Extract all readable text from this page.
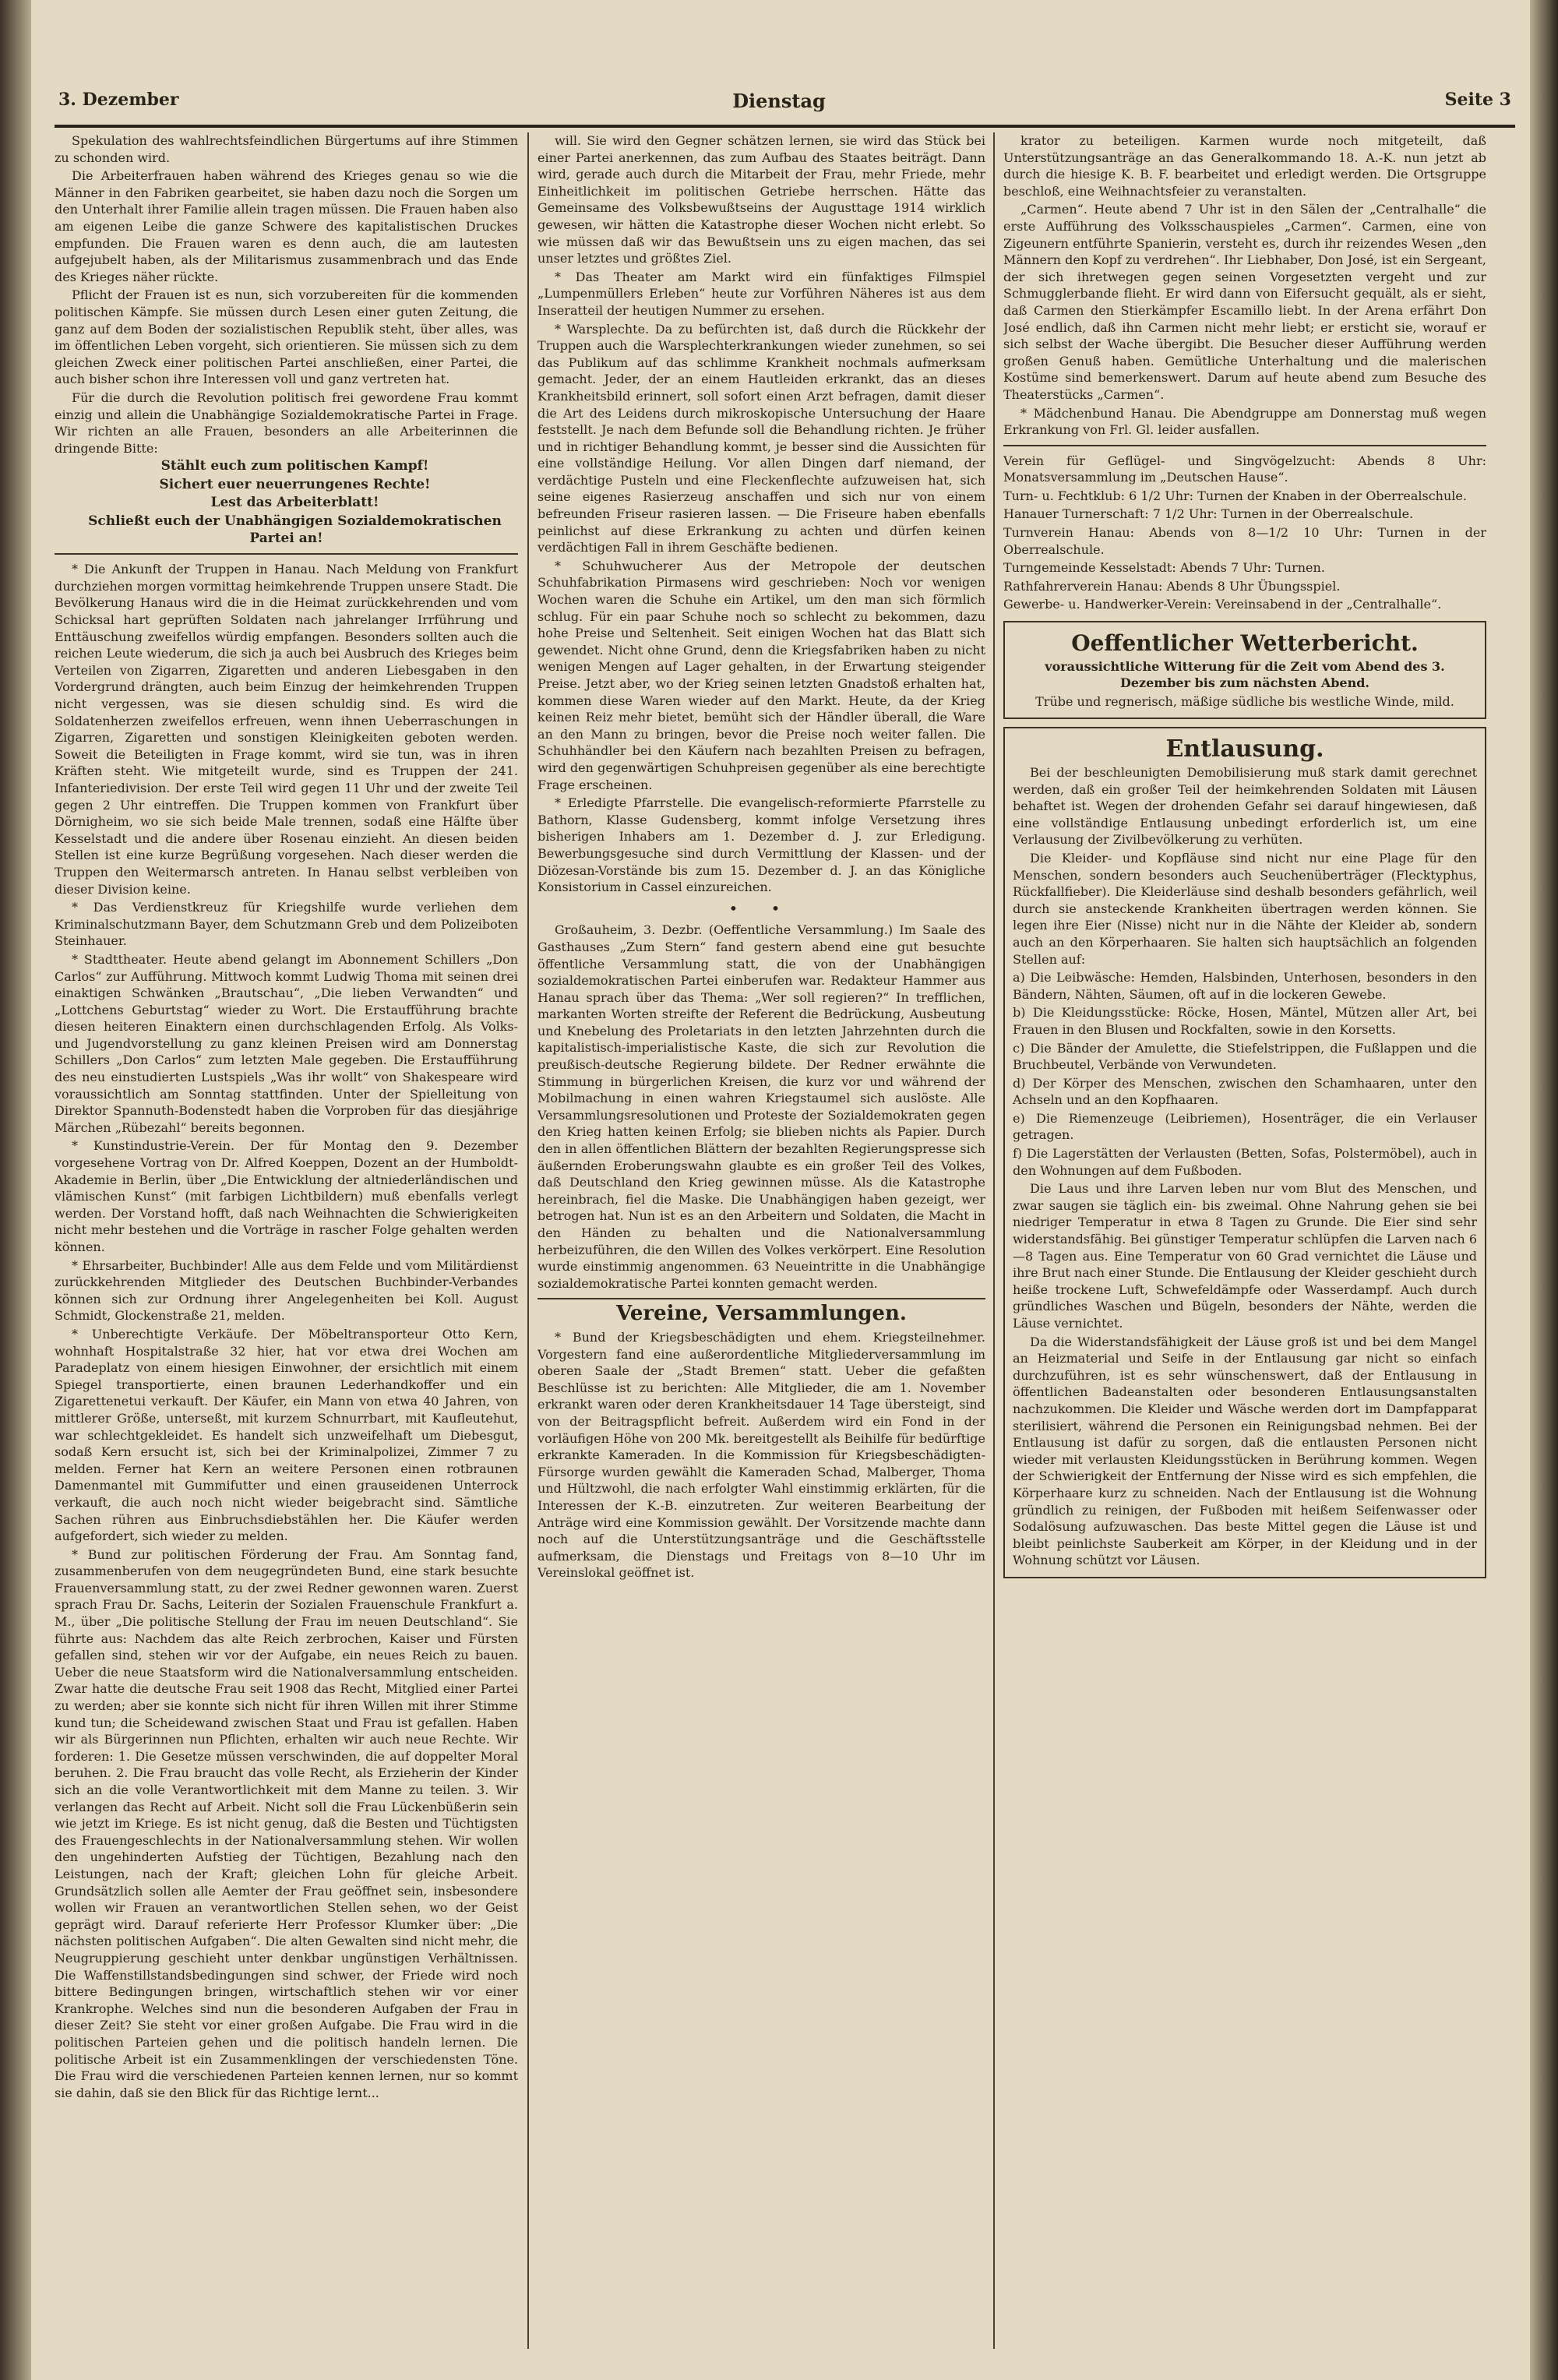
3. Dezember	Dienstag	Seite 3

Spekulation des wahlrechtsfeindlichen Bürgertums auf ihre Stimmen zu schonden wird.

Die Arbeiterfrauen haben während des Krieges genau so wie die Männer in den Fabriken gearbeitet, sie haben dazu noch die Sorgen um den Unterhalt ihrer Familie allein tragen müssen. Die Frauen haben also am eigenen Leibe die ganze Schwere des kapitalistischen Druckes empfunden. Die Frauen waren es denn auch, die am lautesten aufgejubelt haben, als der Militarismus zusammenbrach und das Ende des Krieges näher rückte.

Pflicht der Frauen ist es nun, sich vorzubereiten für die kommenden politischen Kämpfe. Sie müssen durch Lesen einer guten Zeitung, die ganz auf dem Boden der sozialistischen Republik steht, über alles, was im öffentlichen Leben vorgeht, sich orientieren. Sie müssen sich zu dem gleichen Zweck einer politischen Partei anschließen, einer Partei, die auch bisher schon ihre Interessen voll und ganz vertreten hat.

Für die durch die Revolution politisch frei gewordene Frau kommt einzig und allein die Unabhängige Sozialdemokratische Partei in Frage. Wir richten an alle Frauen, besonders an alle Arbeiterinnen die dringende Bitte:

Stählt euch zum politischen Kampf!

Sichert euer neuerrungenes Rechte!

Lest das Arbeiterblatt!

Schließt euch der Unabhängigen Sozialdemokratischen Partei an!

* Die Ankunft der Truppen in Hanau. Nach Meldung von Frankfurt durchziehen morgen vormittag heimkehrende Truppen unsere Stadt. Die Bevölkerung Hanaus wird die in die Heimat zurückkehrenden und vom Schicksal hart geprüften Soldaten nach jahrelanger Irrführung und Enttäuschung zweifellos würdig empfangen. Besonders sollten auch die reichen Leute wiederum, die sich ja auch bei Ausbruch des Krieges beim Verteilen von Zigarren, Zigaretten und anderen Liebesgaben in den Vordergrund drängten, auch beim Einzug der heimkehrenden Truppen nicht vergessen, was sie diesen schuldig sind. Es wird die Soldatenherzen zweifellos erfreuen, wenn ihnen Ueberraschungen in Zigarren, Zigaretten und sonstigen Kleinigkeiten geboten werden. Soweit die Beteiligten in Frage kommt, wird sie tun, was in ihren Kräften steht. Wie mitgeteilt wurde, sind es Truppen der 241. Infanteriedivision. Der erste Teil wird gegen 11 Uhr und der zweite Teil gegen 2 Uhr eintreffen. Die Truppen kommen von Frankfurt über Dörnigheim, wo sie sich beide Male trennen, sodaß eine Hälfte über Kesselstadt und die andere über Rosenau einzieht. An diesen beiden Stellen ist eine kurze Begrüßung vorgesehen. Nach dieser werden die Truppen den Weitermarsch antreten. In Hanau selbst verbleiben von dieser Division keine.

* Das Verdienstkreuz für Kriegshilfe wurde verliehen dem Kriminalschutzmann Bayer, dem Schutzmann Greb und dem Polizeiboten Steinhauer.

* Stadttheater. Heute abend gelangt im Abonnement Schillers „Don Carlos“ zur Aufführung. Mittwoch kommt Ludwig Thoma mit seinen drei einaktigen Schwänken „Brautschau“, „Die lieben Verwandten“ und „Lottchens Geburtstag“ wieder zu Wort. Die Erstaufführung brachte diesen heiteren Einaktern einen durchschlagenden Erfolg. Als Volks- und Jugendvorstellung zu ganz kleinen Preisen wird am Donnerstag Schillers „Don Carlos“ zum letzten Male gegeben. Die Erstaufführung des neu einstudierten Lustspiels „Was ihr wollt“ von Shakespeare wird voraussichtlich am Sonntag stattfinden. Unter der Spielleitung von Direktor Spannuth-Bodenstedt haben die Vorproben für das diesjährige Märchen „Rübezahl“ bereits begonnen.

* Kunstindustrie-Verein. Der für Montag den 9. Dezember vorgesehene Vortrag von Dr. Alfred Koeppen, Dozent an der Humboldt-Akademie in Berlin, über „Die Entwicklung der altniederländischen und vlämischen Kunst“ (mit farbigen Lichtbildern) muß ebenfalls verlegt werden. Der Vorstand hofft, daß nach Weihnachten die Schwierigkeiten nicht mehr bestehen und die Vorträge in rascher Folge gehalten werden können.

* Ehrsarbeiter, Buchbinder! Alle aus dem Felde und vom Militärdienst zurückkehrenden Mitglieder des Deutschen Buchbinder-Verbandes können sich zur Ordnung ihrer Angelegenheiten bei Koll. August Schmidt, Glockenstraße 21, melden.

* Unberechtigte Verkäufe. Der Möbeltransporteur Otto Kern, wohnhaft Hospitalstraße 32 hier, hat vor etwa drei Wochen am Paradeplatz von einem hiesigen Einwohner, der ersichtlich mit einem Spiegel transportierte, einen braunen Lederhandkoffer und ein Zigarettenetui verkauft. Der Käufer, ein Mann von etwa 40 Jahren, von mittlerer Größe, unterseßt, mit kurzem Schnurrbart, mit Kaufleutehut, war schlechtgekleidet. Es handelt sich unzweifelhaft um Diebesgut, sodaß Kern ersucht ist, sich bei der Kriminalpolizei, Zimmer 7 zu melden. Ferner hat Kern an weitere Personen einen rotbraunen Damenmantel mit Gummifutter und einen grauseidenen Unterrock verkauft, die auch noch nicht wieder beigebracht sind. Sämtliche Sachen rühren aus Einbruchsdiebstählen her. Die Käufer werden aufgefordert, sich wieder zu melden.

* Bund zur politischen Förderung der Frau. Am Sonntag fand, zusammenberufen von dem neugegründeten Bund, eine stark besuchte Frauenversammlung statt, zu der zwei Redner gewonnen waren. Zuerst sprach Frau Dr. Sachs, Leiterin der Sozialen Frauenschule Frankfurt a. M., über „Die politische Stellung der Frau im neuen Deutschland“. Sie führte aus: Nachdem das alte Reich zerbrochen, Kaiser und Fürsten gefallen sind, stehen wir vor der Aufgabe, ein neues Reich zu bauen. Ueber die neue Staatsform wird die Nationalversammlung entscheiden. Zwar hatte die deutsche Frau seit 1908 das Recht, Mitglied einer Partei zu werden; aber sie konnte sich nicht für ihren Willen mit ihrer Stimme kund tun; die Scheidewand zwischen Staat und Frau ist gefallen. Haben wir als Bürgerinnen nun Pflichten, erhalten wir auch neue Rechte. Wir forderen: 1. Die Gesetze müssen verschwinden, die auf doppelter Moral beruhen. 2. Die Frau braucht das volle Recht, als Erzieherin der Kinder sich an die volle Verantwortlichkeit mit dem Manne zu teilen. 3. Wir verlangen das Recht auf Arbeit. Nicht soll die Frau Lückenbüßerin sein wie jetzt im Kriege. Es ist nicht genug, daß die Besten und Tüchtigsten des Frauengeschlechts in der Nationalversammlung stehen. Wir wollen den ungehinderten Aufstieg der Tüchtigen, Bezahlung nach den Leistungen, nach der Kraft; gleichen Lohn für gleiche Arbeit. Grundsätzlich sollen alle Aemter der Frau geöffnet sein, insbesondere wollen wir Frauen an verantwortlichen Stellen sehen, wo der Geist geprägt wird. Darauf referierte Herr Professor Klumker über: „Die nächsten politischen Aufgaben“. Die alten Gewalten sind nicht mehr, die Neugruppierung geschieht unter denkbar ungünstigen Verhältnissen. Die Waffenstillstandsbedingungen sind schwer, der Friede wird noch bittere Bedingungen bringen, wirtschaftlich stehen wir vor einer Krankrophe. Welches sind nun die besonderen Aufgaben der Frau in dieser Zeit? Sie steht vor einer großen Aufgabe. Die Frau wird in die politischen Parteien gehen und die politisch handeln lernen. Die politische Arbeit ist ein Zusammenklingen der verschiedensten Töne. Die Frau wird die verschiedenen Parteien kennen lernen, nur so kommt sie dahin, daß sie den Blick für das Richtige lernt...

will. Sie wird den Gegner schätzen lernen, sie wird das Stück bei einer Partei anerkennen, das zum Aufbau des Staates beiträgt. Dann wird, gerade auch durch die Mitarbeit der Frau, mehr Friede, mehr Einheitlichkeit im politischen Getriebe herrschen. Hätte das Gemeinsame des Volksbewußtseins der Augusttage 1914 wirklich gewesen, wir hätten die Katastrophe dieser Wochen nicht erlebt. So wie müssen daß wir das Bewußtsein uns zu eigen machen, das sei unser letztes und größtes Ziel.

* Das Theater am Markt wird ein fünfaktiges Filmspiel „Lumpenmüllers Erleben“ heute zur Vorführen Näheres ist aus dem Inseratteil der heutigen Nummer zu ersehen.

* Warsplechte. Da zu befürchten ist, daß durch die Rückkehr der Truppen auch die Warsplechterkrankungen wieder zunehmen, so sei das Publikum auf das schlimme Krankheit nochmals aufmerksam gemacht. Jeder, der an einem Hautleiden erkrankt, das an dieses Krankheitsbild erinnert, soll sofort einen Arzt befragen, damit dieser die Art des Leidens durch mikroskopische Untersuchung der Haare feststellt. Je nach dem Befunde soll die Behandlung richten. Je früher und in richtiger Behandlung kommt, je besser sind die Aussichten für eine vollständige Heilung. Vor allen Dingen darf niemand, der verdächtige Pusteln und eine Fleckenflechte aufzuweisen hat, sich seine eigenes Rasierzeug anschaffen und sich nur von einem befreunden Friseur rasieren lassen. — Die Friseure haben ebenfalls peinlichst auf diese Erkrankung zu achten und dürfen keinen verdächtigen Fall in ihrem Geschäfte bedienen.

* Schuhwucherer Aus der Metropole der deutschen Schuhfabrikation Pirmasens wird geschrieben: Noch vor wenigen Wochen waren die Schuhe ein Artikel, um den man sich förmlich schlug. Für ein paar Schuhe noch so schlecht zu bekommen, dazu hohe Preise und Seltenheit. Seit einigen Wochen hat das Blatt sich gewendet. Nicht ohne Grund, denn die Kriegsfabriken haben zu nicht wenigen Mengen auf Lager gehalten, in der Erwartung steigender Preise. Jetzt aber, wo der Krieg seinen letzten Gnadstoß erhalten hat, kommen diese Waren wieder auf den Markt. Heute, da der Krieg keinen Reiz mehr bietet, bemüht sich der Händler überall, die Ware an den Mann zu bringen, bevor die Preise noch weiter fallen. Die Schuhhändler bei den Käufern nach bezahlten Preisen zu befragen, wird den gegenwärtigen Schuhpreisen gegenüber als eine berechtigte Frage erscheinen.

* Erledigte Pfarrstelle. Die evangelisch-reformierte Pfarrstelle zu Bathorn, Klasse Gudensberg, kommt infolge Versetzung ihres bisherigen Inhabers am 1. Dezember d. J. zur Erledigung. Bewerbungsgesuche sind durch Vermittlung der Klassen- und der Diözesan-Vorstände bis zum 15. Dezember d. J. an das Königliche Konsistorium in Cassel einzureichen.

• •

Großauheim, 3. Dezbr. (Oeffentliche Versammlung.) Im Saale des Gasthauses „Zum Stern“ fand gestern abend eine gut besuchte öffentliche Versammlung statt, die von der Unabhängigen sozialdemokratischen Partei einberufen war. Redakteur Hammer aus Hanau sprach über das Thema: „Wer soll regieren?“ In trefflichen, markanten Worten streifte der Referent die Bedrückung, Ausbeutung und Knebelung des Proletariats in den letzten Jahrzehnten durch die kapitalistisch-imperialistische Kaste, die sich zur Revolution die preußisch-deutsche Regierung bildete. Der Redner erwähnte die Stimmung in bürgerlichen Kreisen, die kurz vor und während der Mobilmachung in einen wahren Kriegstaumel sich auslöste. Alle Versammlungsresolutionen und Proteste der Sozialdemokraten gegen den Krieg hatten keinen Erfolg; sie blieben nichts als Papier. Durch den in allen öffentlichen Blättern der bezahlten Regierungspresse sich äußernden Eroberungswahn glaubte es ein großer Teil des Volkes, daß Deutschland den Krieg gewinnen müsse. Als die Katastrophe hereinbrach, fiel die Maske. Die Unabhängigen haben gezeigt, wer betrogen hat. Nun ist es an den Arbeitern und Soldaten, die Macht in den Händen zu behalten und die Nationalversammlung herbeizuführen, die den Willen des Volkes verkörpert. Eine Resolution wurde einstimmig angenommen. 63 Neueintritte in die Unabhängige sozialdemokratische Partei konnten gemacht werden.

Vereine, Versammlungen.

* Bund der Kriegsbeschädigten und ehem. Kriegsteilnehmer. Vorgestern fand eine außerordentliche Mitgliederversammlung im oberen Saale der „Stadt Bremen“ statt. Ueber die gefaßten Beschlüsse ist zu berichten: Alle Mitglieder, die am 1. November erkrankt waren oder deren Krankheitsdauer 14 Tage übersteigt, sind von der Beitragspflicht befreit. Außerdem wird ein Fond in der vorläufigen Höhe von 200 Mk. bereitgestellt als Beihilfe für bedürftige erkrankte Kameraden. In die Kommission für Kriegsbeschädigten-Fürsorge wurden gewählt die Kameraden Schad, Malberger, Thoma und Hültzwohl, die nach erfolgter Wahl einstimmig erklärten, für die Interessen der K.-B. einzutreten. Zur weiteren Bearbeitung der Anträge wird eine Kommission gewählt. Der Vorsitzende machte dann noch auf die Unterstützungsanträge und die Geschäftsstelle aufmerksam, die Dienstags und Freitags von 8—10 Uhr im Vereinslokal geöffnet ist.

krator zu beteiligen. Karmen wurde noch mitgeteilt, daß Unterstützungsanträge an das Generalkommando 18. A.-K. nun jetzt ab durch die hiesige K. B. F. bearbeitet und erledigt werden. Die Ortsgruppe beschloß, eine Weihnachtsfeier zu veranstalten.

„Carmen“. Heute abend 7 Uhr ist in den Sälen der „Centralhalle“ die erste Aufführung des Volksschauspieles „Carmen“. Carmen, eine von Zigeunern entführte Spanierin, versteht es, durch ihr reizendes Wesen „den Männern den Kopf zu verdrehen“. Ihr Liebhaber, Don José, ist ein Sergeant, der sich ihretwegen gegen seinen Vorgesetzten vergeht und zur Schmugglerbande flieht. Er wird dann von Eifersucht gequält, als er sieht, daß Carmen den Stierkämpfer Escamillo liebt. In der Arena erfährt Don José endlich, daß ihn Carmen nicht mehr liebt; er ersticht sie, worauf er sich selbst der Wache übergibt. Die Besucher dieser Aufführung werden großen Genuß haben. Gemütliche Unterhaltung und die malerischen Kostüme sind bemerkenswert. Darum auf heute abend zum Besuche des Theaterstücks „Carmen“.

* Mädchenbund Hanau. Die Abendgruppe am Donnerstag muß wegen Erkrankung von Frl. Gl. leider ausfallen.

Verein für Geflügel- und Singvögelzucht: Abends 8 Uhr: Monatsversammlung im „Deutschen Hause“.

Turn- u. Fechtklub: 6 1/2 Uhr: Turnen der Knaben in der Oberrealschule.

Hanauer Turnerschaft: 7 1/2 Uhr: Turnen in der Oberrealschule.

Turnverein Hanau: Abends von 8—1/2 10 Uhr: Turnen in der Oberrealschule.

Turngemeinde Kesselstadt: Abends 7 Uhr: Turnen.

Rathfahrerverein Hanau: Abends 8 Uhr Übungsspiel.

Gewerbe- u. Handwerker-Verein: Vereinsabend in der „Centralhalle“.

Oeffentlicher Wetterbericht.

voraussichtliche Witterung für die Zeit vom Abend des 3. Dezember bis zum nächsten Abend.

Trübe und regnerisch, mäßige südliche bis westliche Winde, mild.

Entlausung.

Bei der beschleunigten Demobilisierung muß stark damit gerechnet werden, daß ein großer Teil der heimkehrenden Soldaten mit Läusen behaftet ist. Wegen der drohenden Gefahr sei darauf hingewiesen, daß eine vollständige Entlausung unbedingt erforderlich ist, um eine Verlausung der Zivilbevölkerung zu verhüten.

Die Kleider- und Kopfläuse sind nicht nur eine Plage für den Menschen, sondern besonders auch Seuchenüberträger (Flecktyphus, Rückfallfieber). Die Kleiderläuse sind deshalb besonders gefährlich, weil durch sie ansteckende Krankheiten übertragen werden können. Sie legen ihre Eier (Nisse) nicht nur in die Nähte der Kleider ab, sondern auch an den Körperhaaren. Sie halten sich hauptsächlich an folgenden Stellen auf:

a) Die Leibwäsche: Hemden, Halsbinden, Unterhosen, besonders in den Bändern, Nähten, Säumen, oft auf in die lockeren Gewebe.

b) Die Kleidungsstücke: Röcke, Hosen, Mäntel, Mützen aller Art, bei Frauen in den Blusen und Rockfalten, sowie in den Korsetts.

c) Die Bänder der Amulette, die Stiefelstrippen, die Fußlappen und die Bruchbeutel, Verbände von Verwundeten.

d) Der Körper des Menschen, zwischen den Schamhaaren, unter den Achseln und an den Kopfhaaren.

e) Die Riemenzeuge (Leibriemen), Hosenträger, die ein Verlauser getragen.

f) Die Lagerstätten der Verlausten (Betten, Sofas, Polstermöbel), auch in den Wohnungen auf dem Fußboden.

Die Laus und ihre Larven leben nur vom Blut des Menschen, und zwar saugen sie täglich ein- bis zweimal. Ohne Nahrung gehen sie bei niedriger Temperatur in etwa 8 Tagen zu Grunde. Die Eier sind sehr widerstandsfähig. Bei günstiger Temperatur schlüpfen die Larven nach 6—8 Tagen aus. Eine Temperatur von 60 Grad vernichtet die Läuse und ihre Brut nach einer Stunde. Die Entlausung der Kleider geschieht durch heiße trockene Luft, Schwefeldämpfe oder Wasserdampf. Auch durch gründliches Waschen und Bügeln, besonders der Nähte, werden die Läuse vernichtet.

Da die Widerstandsfähigkeit der Läuse groß ist und bei dem Mangel an Heizmaterial und Seife in der Entlausung gar nicht so einfach durchzuführen, ist es sehr wünschenswert, daß der Entlausung in öffentlichen Badeanstalten oder besonderen Entlausungsanstalten nachzukommen. Die Kleider und Wäsche werden dort im Dampfapparat sterilisiert, während die Personen ein Reinigungsbad nehmen. Bei der Entlausung ist dafür zu sorgen, daß die entlausten Personen nicht wieder mit verlausten Kleidungsstücken in Berührung kommen. Wegen der Schwierigkeit der Entfernung der Nisse wird es sich empfehlen, die Körperhaare kurz zu schneiden. Nach der Entlausung ist die Wohnung gründlich zu reinigen, der Fußboden mit heißem Seifenwasser oder Sodalösung aufzuwaschen. Das beste Mittel gegen die Läuse ist und bleibt peinlichste Sauberkeit am Körper, in der Kleidung und in der Wohnung schützt vor Läusen.
